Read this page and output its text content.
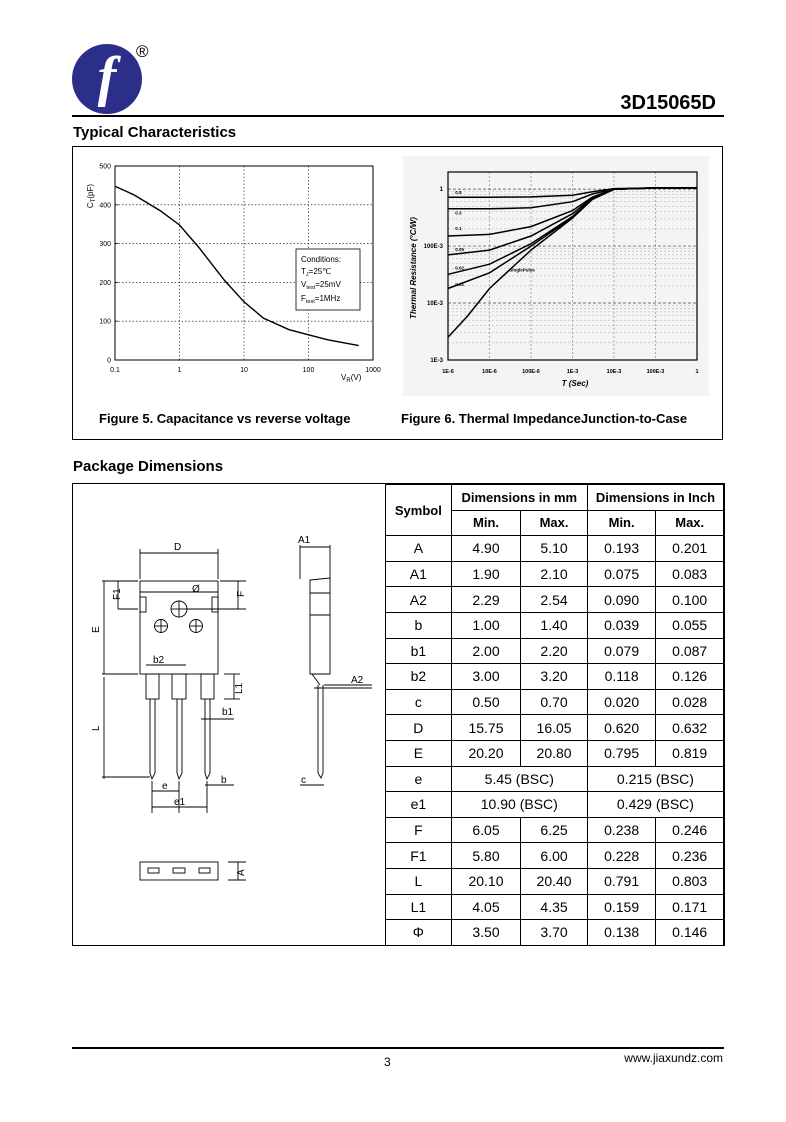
f	®
3D15065D
Typical Characteristics
0
100
200
300
400
500
0.1	1	10	100	1000
$C_T(pF)$
$V_R(V)$
Conditions:
$T_J=25℃$
$V_{test}=25mV$
$F_{test}=1MHz$
Figure 5. Capacitance vs reverse voltage
1E-3
10E-3
100E-3
1
1E-6	10E-6	100E-6	1E-3	10E-3	100E-3	1
0.5
0.3
0.1
0.05
0.02
0.01
SinglePulse
Thermal Resistance (°C/W)
T (Sec)
Figure 6. Thermal ImpedanceJunction-to-Case
Package Dimensions
D
E
F1	F
Ø
b2
L1
b1
L
b
e
e1
A1
A2
c
A
Symbol	Dimensions in mm		Dimensions in Inch	
	Min.	Max.	Min.	Max.
A	4.90	5.10	0.193	0.201
A1	1.90	2.10	0.075	0.083
A2	2.29	2.54	0.090	0.100
b	1.00	1.40	0.039	0.055
b1	2.00	2.20	0.079	0.087
b2	3.00	3.20	0.118	0.126
c	0.50	0.70	0.020	0.028
D	15.75	16.05	0.620	0.632
E	20.20	20.80	0.795	0.819
e	5.45 (BSC)		0.215 (BSC)	
e1	10.90 (BSC)		0.429 (BSC)	
F	6.05	6.25	0.238	0.246
F1	5.80	6.00	0.228	0.236
L	20.10	20.40	0.791	0.803
L1	4.05	4.35	0.159	0.171
Φ	3.50	3.70	0.138	0.146
3	www.jiaxundz.com
